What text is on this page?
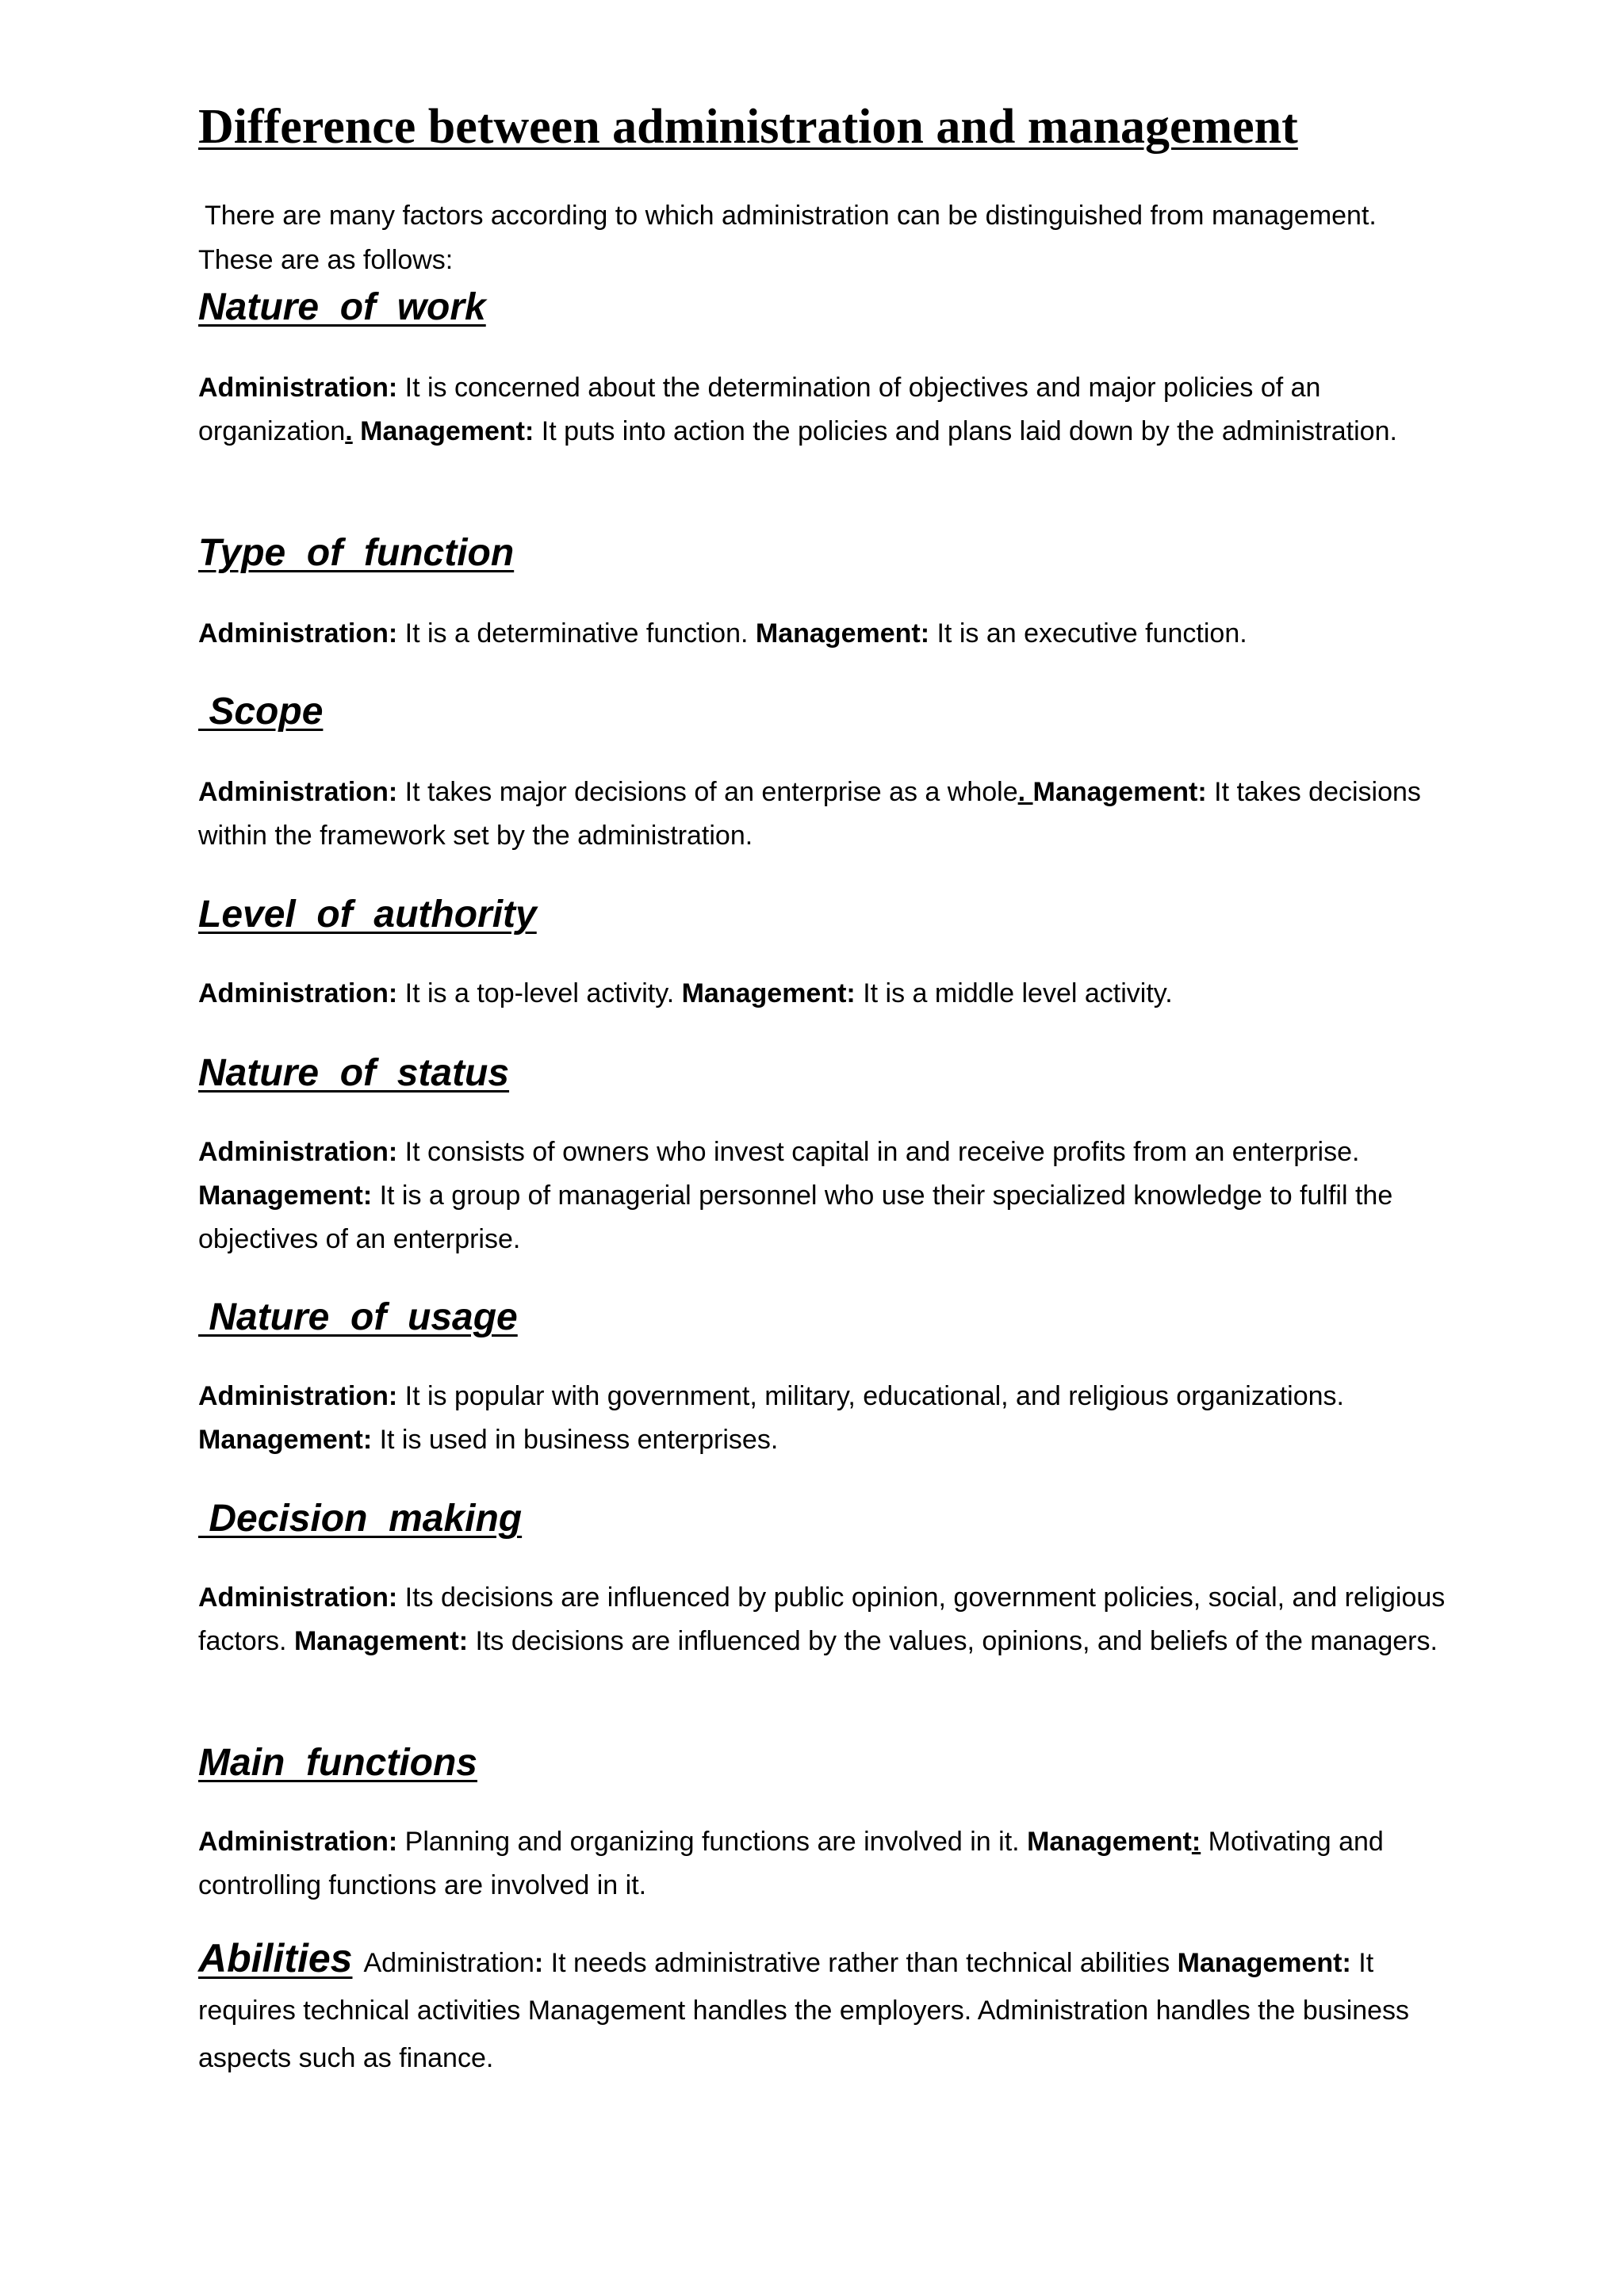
Difference between administration and management

There are many factors according to which administration can be distinguished from management.

These are as follows:

Nature  of  work

Administration: It is concerned about the determination of objectives and major policies of an organization. Management: It puts into action the policies and plans laid down by the administration.

Type  of  function

Administration: It is a determinative function. Management: It is an executive function.

Scope

Administration: It takes major decisions of an enterprise as a whole. Management: It takes decisions within the framework set by the administration.

Level  of  authority

Administration: It is a top-level activity. Management: It is a middle level activity.

Nature  of  status

Administration: It consists of owners who invest capital in and receive profits from an enterprise. Management: It is a group of managerial personnel who use their specialized knowledge to fulfil the objectives of an enterprise.

Nature  of  usage

Administration: It is popular with government, military, educational, and religious organizations. Management: It is used in business enterprises.

Decision  making

Administration: Its decisions are influenced by public opinion, government policies, social, and religious factors. Management: Its decisions are influenced by the values, opinions, and beliefs of the managers.

Main  functions

Administration: Planning and organizing functions are involved in it. Management: Motivating and controlling functions are involved in it.

Abilities Administration: It needs administrative rather than technical abilities Management: It requires technical activities Management handles the employers. Administration handles the business aspects such as finance.
